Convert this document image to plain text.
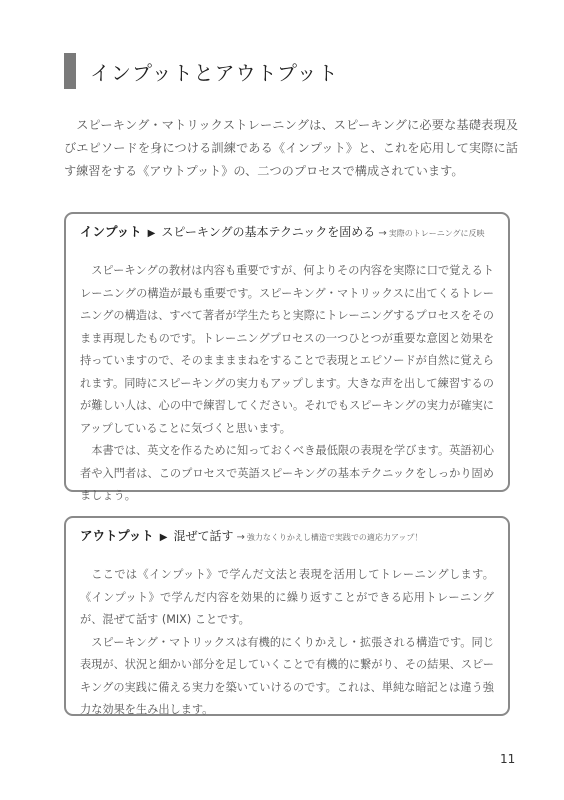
インプットとアウトプット

スピーキング・マトリックストレーニングは、スピーキングに必要な基礎表現及びエピソードを身につける訓練である《インプット》と、これを応用して実際に話す練習をする《アウトプット》の、二つのプロセスで構成されています。

インプット ▶ スピーキングの基本テクニックを固める → 実際のトレーニングに反映

スピーキングの教材は内容も重要ですが、何よりその内容を実際に口で覚えるトレーニングの構造が最も重要です。スピーキング・マトリックスに出てくるトレーニングの構造は、すべて著者が学生たちと実際にトレーニングするプロセスをそのまま再現したものです。トレーニングプロセスの一つひとつが重要な意図と効果を持っていますので、そのままままねをすることで表現とエピソードが自然に覚えられます。同時にスピーキングの実力もアップします。大きな声を出して練習するのが難しい人は、心の中で練習してください。それでもスピーキングの実力が確実にアップしていることに気づくと思います。

本書では、英文を作るために知っておくべき最低限の表現を学びます。英語初心者や入門者は、このプロセスで英語スピーキングの基本テクニックをしっかり固めましょう。

アウトプット ▶ 混ぜて話す → 強力なくりかえし構造で実践での適応力アップ！

ここでは《インプット》で学んだ文法と表現を活用してトレーニングします。《インプット》で学んだ内容を効果的に繰り返すことができる応用トレーニングが、混ぜて話す (MIX) ことです。

スピーキング・マトリックスは有機的にくりかえし・拡張される構造です。同じ表現が、状況と細かい部分を足していくことで有機的に繋がり、その結果、スピーキングの実践に備える実力を築いていけるのです。これは、単純な暗記とは違う強力な効果を生み出します。

11
